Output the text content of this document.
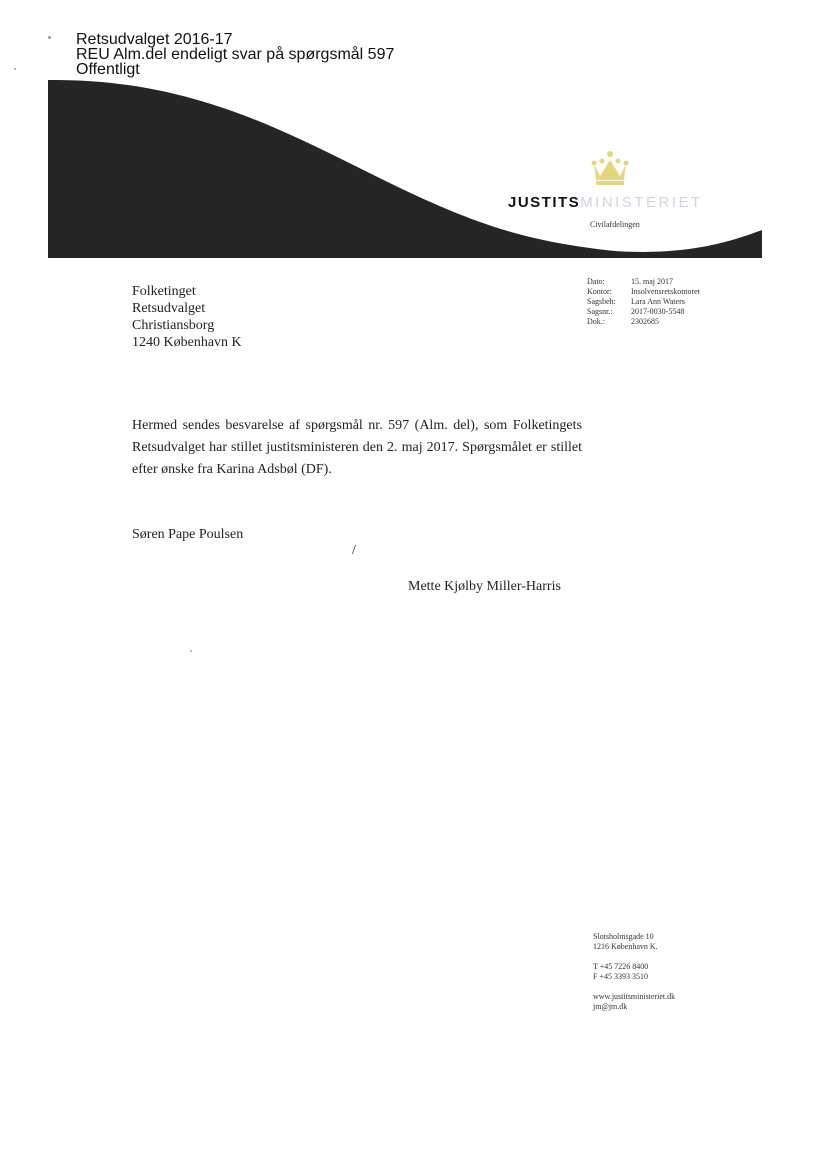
Retsudvalget 2016-17
REU Alm.del endeligt svar på spørgsmål 597
Offentligt
JUSTITSMINISTERIET
Civilafdelingen
Folketinget
Retsudvalget
Christiansborg
1240 København K
Dato:	15. maj 2017
Kontor:	Insolvensretskontoret
Sagsbeh:	Lara Ann Waters
Sagsnr.:	2017-0030-5548
Dok.:	2302685
Hermed sendes besvarelse af spørgsmål nr. 597 (Alm. del), som Folketingets Retsudvalget har stillet justitsministeren den 2. maj 2017. Spørgsmålet er stillet efter ønske fra Karina Adsbøl (DF).
Søren Pape Poulsen
/
Mette Kjølby Miller-Harris
Slotsholmsgade 10
1216 København K.
T +45 7226 8400
F +45 3393 3510
www.justitsministeriet.dk
jm@jm.dk
